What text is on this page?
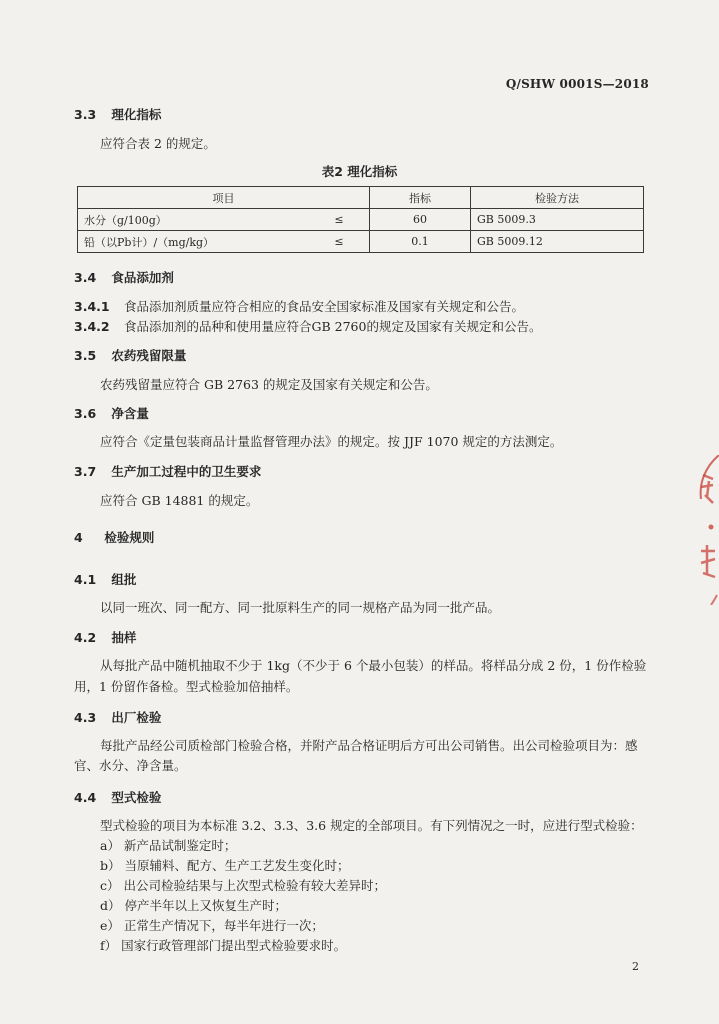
Q/SHW 0001S—2018
3.3 理化指标
应符合表 2 的规定。
表2 理化指标
项目		指标	检验方法
水分（g/100g）	≤	60	GB 5009.3
铅（以Pb计）/（mg/kg）	≤	0.1	GB 5009.12
3.4 食品添加剂
3.4.1 食品添加剂质量应符合相应的食品安全国家标准及国家有关规定和公告。
3.4.2 食品添加剂的品种和使用量应符合GB 2760的规定及国家有关规定和公告。
3.5 农药残留限量
农药残留量应符合 GB 2763 的规定及国家有关规定和公告。
3.6 净含量
应符合《定量包装商品计量监督管理办法》的规定。按 JJF 1070 规定的方法测定。
3.7 生产加工过程中的卫生要求
应符合 GB 14881 的规定。
4 检验规则
4.1 组批
以同一班次、同一配方、同一批原料生产的同一规格产品为同一批产品。
4.2 抽样
从每批产品中随机抽取不少于 1kg（不少于 6 个最小包装）的样品。将样品分成 2 份，1 份作检验
用，1 份留作备检。型式检验加倍抽样。
4.3 出厂检验
每批产品经公司质检部门检验合格，并附产品合格证明后方可出公司销售。出公司检验项目为：感
官、水分、净含量。
4.4 型式检验
型式检验的项目为本标准 3.2、3.3、3.6 规定的全部项目。有下列情况之一时，应进行型式检验：
a） 新产品试制鉴定时；
b） 当原辅料、配方、生产工艺发生变化时；
c） 出公司检验结果与上次型式检验有较大差异时；
d） 停产半年以上又恢复生产时；
e） 正常生产情况下，每半年进行一次；
f） 国家行政管理部门提出型式检验要求时。
2
